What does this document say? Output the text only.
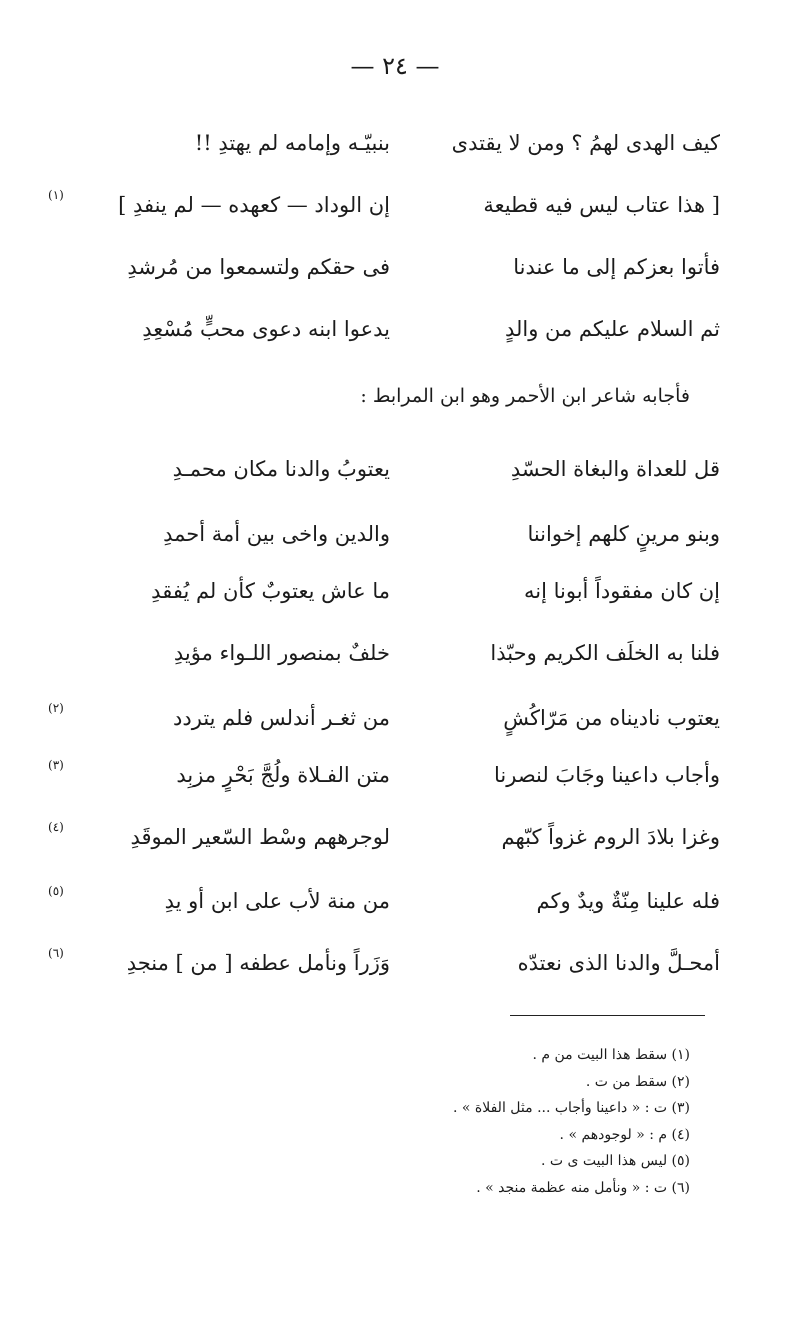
— ٢٤ —
كيف الهدى لهمُ ؟ ومن لا يقتدى
بنبيّـه وإمامه لم يهتدِ !!
[ هذا عتاب ليس فيه قطيعة
إن الوداد — كعهده — لم ينفدِ ]
(١)
فأتوا بعزكم إلى ما عندنا
فى حقكم ولتسمعوا من مُرشدِ
ثم السلام عليكم من والدٍ
يدعوا ابنه دعوى محبٍّ مُسْعِدِ
فأجابه شاعر ابن الأحمر وهو ابن المرابط :
قل للعداة والبغاة الحسّدِ
يعتوبُ والدنا مكان محمـدِ
وبنو مرينٍ كلهم إخواننا
والدين واخى بين أمة أحمدِ
إن كان مفقوداً أبونا إنه
ما عاش يعتوبٌ كأن لم يُفقدِ
فلنا به الخلَف الكريم وحبّذا
خلفٌ بمنصور اللـواء مؤيدِ
يعتوب ناديناه من مَرّاكُشٍ
من ثغـر أندلس فلم يتردد
(٢)
وأجاب داعينا وجَابَ لنصرنا
متن الفـلاة ولُجَّ بَحْرٍ مزبِد
(٣)
وغزا بلادَ الروم غزواً كبّهم
لوجرههم وسْط السّعير الموقَدِ
(٤)
فله علينا مِنّةٌ ويدٌ وكم
من منة لأب على ابن أو يدِ
(٥)
أمحـلَّ والدنا الذى نعتدّه
وَزَراً ونأمل عطفه [ من ] منجدِ
(٦)
(١) سقط هذا البيت من م .
(٢) سقط من ت .
(٣) ت : « داعينا وأجاب ... مثل الفلاة » .
(٤) م : « لوجودهم » .
(٥) ليس هذا البيت ى ت .
(٦) ت : « ونأمل منه عظمة منجد » .
